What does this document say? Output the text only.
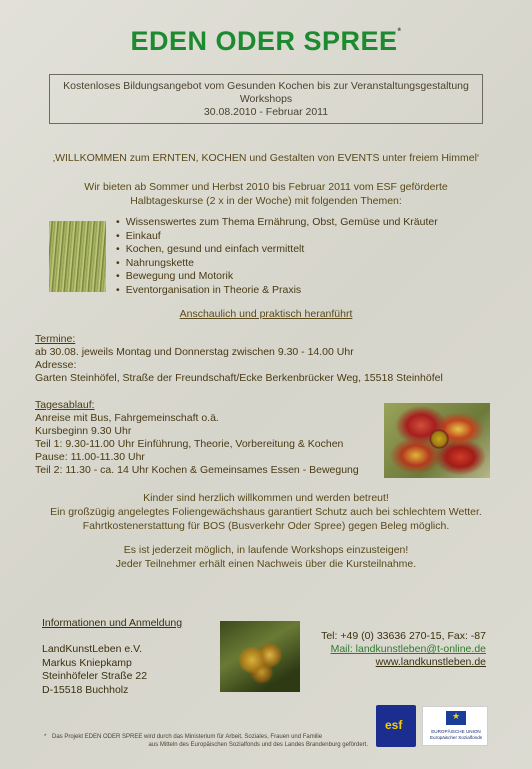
EDEN ODER SPREE*
Kostenloses Bildungsangebot vom Gesunden Kochen bis zur Veranstaltungsgestaltung
Workshops
30.08.2010 - Februar 2011
‚WILLKOMMEN zum ERNTEN, KOCHEN und Gestalten von EVENTS unter freiem Himmel‘
Wir bieten ab Sommer und Herbst 2010 bis Februar 2011 vom ESF geförderte
Halbtageskurse (2 x in der Woche) mit folgenden Themen:
• Wissenswertes zum Thema Ernährung, Obst, Gemüse und Kräuter
• Einkauf
• Kochen, gesund und einfach vermittelt
• Nahrungskette
• Bewegung und Motorik
• Eventorganisation in Theorie & Praxis
Anschaulich und praktisch heranführt
Termine:
ab 30.08. jeweils Montag und Donnerstag zwischen 9.30 - 14.00 Uhr
Adresse:
Garten Steinhöfel, Straße der Freundschaft/Ecke Berkenbrücker Weg, 15518 Steinhöfel
Tagesablauf:
Anreise mit Bus, Fahrgemeinschaft o.ä.
Kursbeginn 9.30 Uhr
Teil 1: 9.30-11.00 Uhr Einführung, Theorie, Vorbereitung & Kochen
Pause: 11.00-11.30 Uhr
Teil 2: 11.30 - ca. 14 Uhr Kochen & Gemeinsames Essen - Bewegung
Kinder sind herzlich willkommen und werden betreut!
Ein großzügig angelegtes Foliengewächshaus garantiert Schutz auch bei schlechtem Wetter.
Fahrtkostenerstattung für BOS (Busverkehr Oder Spree) gegen Beleg möglich.
Es ist jederzeit möglich, in laufende Workshops einzusteigen!
Jeder Teilnehmer erhält einen Nachweis über die Kursteilnahme.
Informationen und Anmeldung
LandKunstLeben e.V.
Markus Kniepkamp
Steinhöfeler Straße 22
D-15518 Buchholz
Tel: +49 (0) 33636 270-15, Fax: -87
Mail: landkunstleben@t-online.de
www.landkunstleben.de
* Das Projekt EDEN ODER SPREE wird durch das Ministerium für Arbeit, Soziales, Frauen und Familie
aus Mitteln des Europäischen Sozialfonds und des Landes Brandenburg gefördert.
esf
★	EUROPÄISCHE UNION
Europäischer Sozialfonds
